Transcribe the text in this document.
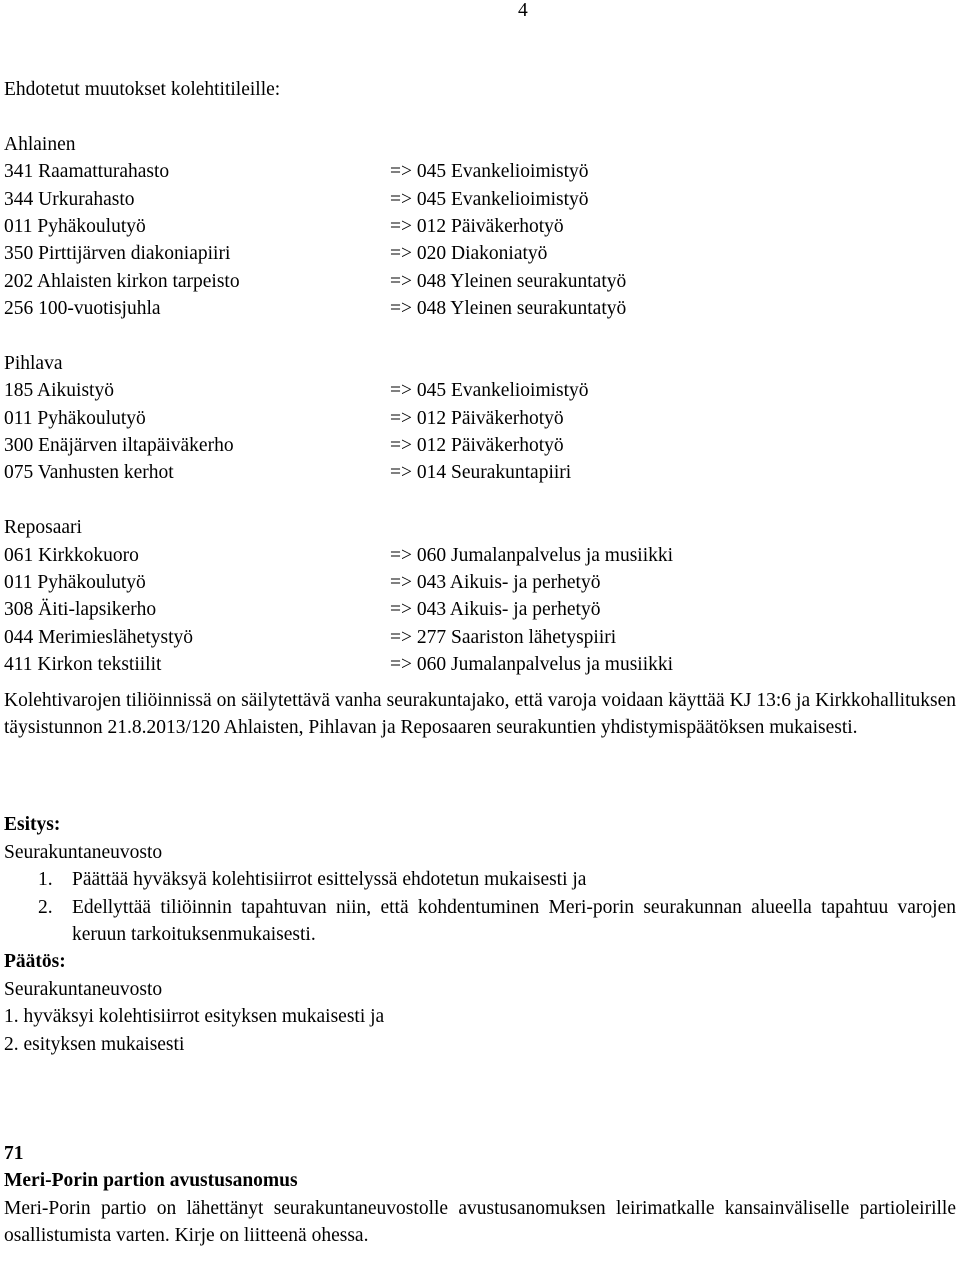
4
Ehdotetut muutokset kolehtitileille:
Ahlainen
341 Raamatturahasto	=> 045 Evankelioimistyö
344 Urkurahasto	=> 045 Evankelioimistyö
011 Pyhäkoulutyö	=> 012 Päiväkerhotyö
350 Pirttijärven diakoniapiiri	=> 020 Diakoniatyö
202 Ahlaisten kirkon tarpeisto	=> 048 Yleinen seurakuntatyö
256 100-vuotisjuhla	=> 048 Yleinen seurakuntatyö
Pihlava
185 Aikuistyö	=> 045 Evankelioimistyö
011 Pyhäkoulutyö	=> 012 Päiväkerhotyö
300 Enäjärven iltapäiväkerho	=> 012 Päiväkerhotyö
075 Vanhusten kerhot	=> 014 Seurakuntapiiri
Reposaari
061 Kirkkokuoro	=> 060 Jumalanpalvelus ja musiikki
011 Pyhäkoulutyö	=> 043 Aikuis- ja perhetyö
308 Äiti-lapsikerho	=> 043 Aikuis- ja perhetyö
044 Merimieslähetystyö	=> 277 Saariston lähetyspiiri
411 Kirkon tekstiilit	=> 060 Jumalanpalvelus ja musiikki

Kolehtivarojen tiliöinnissä on säilytettävä vanha seurakuntajako, että varoja voidaan käyttää KJ 13:6 ja Kirkkohallituksen täysistunnon 21.8.2013/120 Ahlaisten, Pihlavan ja Reposaaren seurakuntien yhdistymispäätöksen mukaisesti.

Esitys:
Seurakuntaneuvosto
1. Päättää hyväksyä kolehtisiirrot esittelyssä ehdotetun mukaisesti ja
2. Edellyttää tiliöinnin tapahtuvan niin, että kohdentuminen Meri-porin seurakunnan alueella tapahtuu varojen keruun tarkoituksenmukaisesti.
Päätös:
Seurakuntaneuvosto
1. hyväksyi kolehtisiirrot esityksen mukaisesti ja
2. esityksen mukaisesti
71
Meri-Porin partion avustusanomus

Meri-Porin partio on lähettänyt seurakuntaneuvostolle avustusanomuksen leirimatkalle kansainväliselle partioleirille osallistumista varten. Kirje on liitteenä ohessa.
